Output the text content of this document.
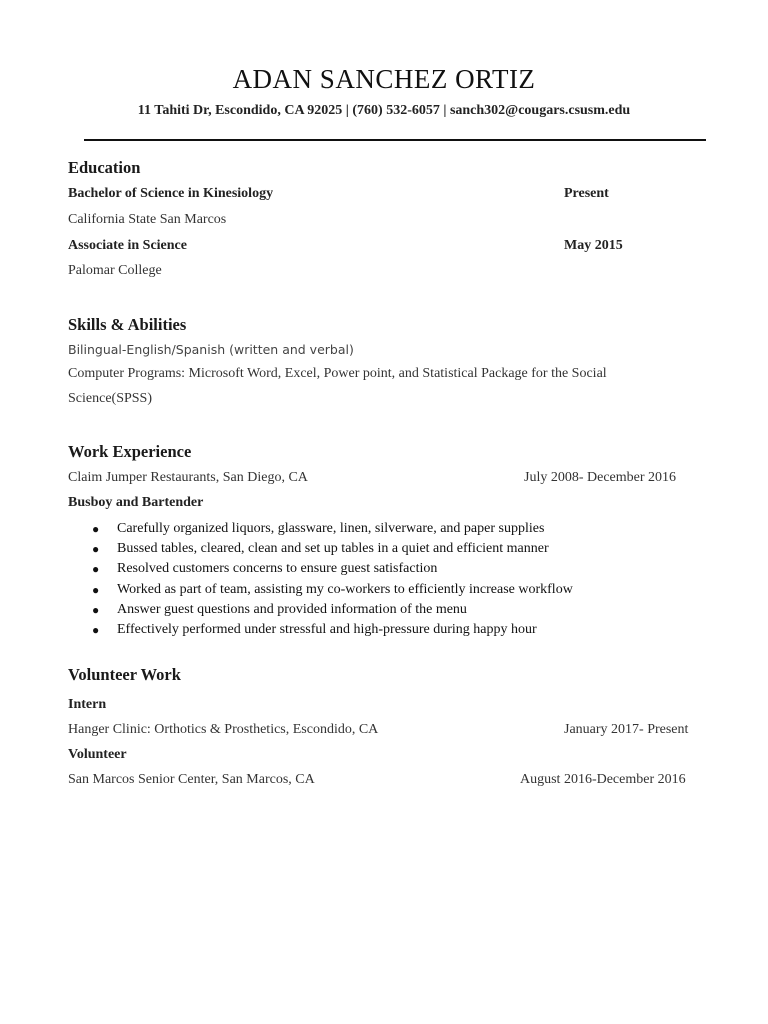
ADAN SANCHEZ ORTIZ
11 Tahiti Dr, Escondido, CA 92025 | (760) 532-6057 | sanch302@cougars.csusm.edu
Education
Bachelor of Science in Kinesiology	Present
California State San Marcos
Associate in Science	May 2015
Palomar College
Skills & Abilities
Bilingual-English/Spanish (written and verbal)
Computer Programs: Microsoft Word, Excel, Power point, and Statistical Package for the Social
Science(SPSS)
Work Experience
Claim Jumper Restaurants, San Diego, CA	July 2008- December 2016
Busboy and Bartender
● Carefully organized liquors, glassware, linen, silverware, and paper supplies
● Bussed tables, cleared, clean and set up tables in a quiet and efficient manner
● Resolved customers concerns to ensure guest satisfaction
● Worked as part of team, assisting my co-workers to efficiently increase workflow
● Answer guest questions and provided information of the menu
● Effectively performed under stressful and high-pressure during happy hour
Volunteer Work
Intern
Hanger Clinic: Orthotics & Prosthetics, Escondido, CA	January 2017- Present
Volunteer
San Marcos Senior Center, San Marcos, CA	August 2016-December 2016
